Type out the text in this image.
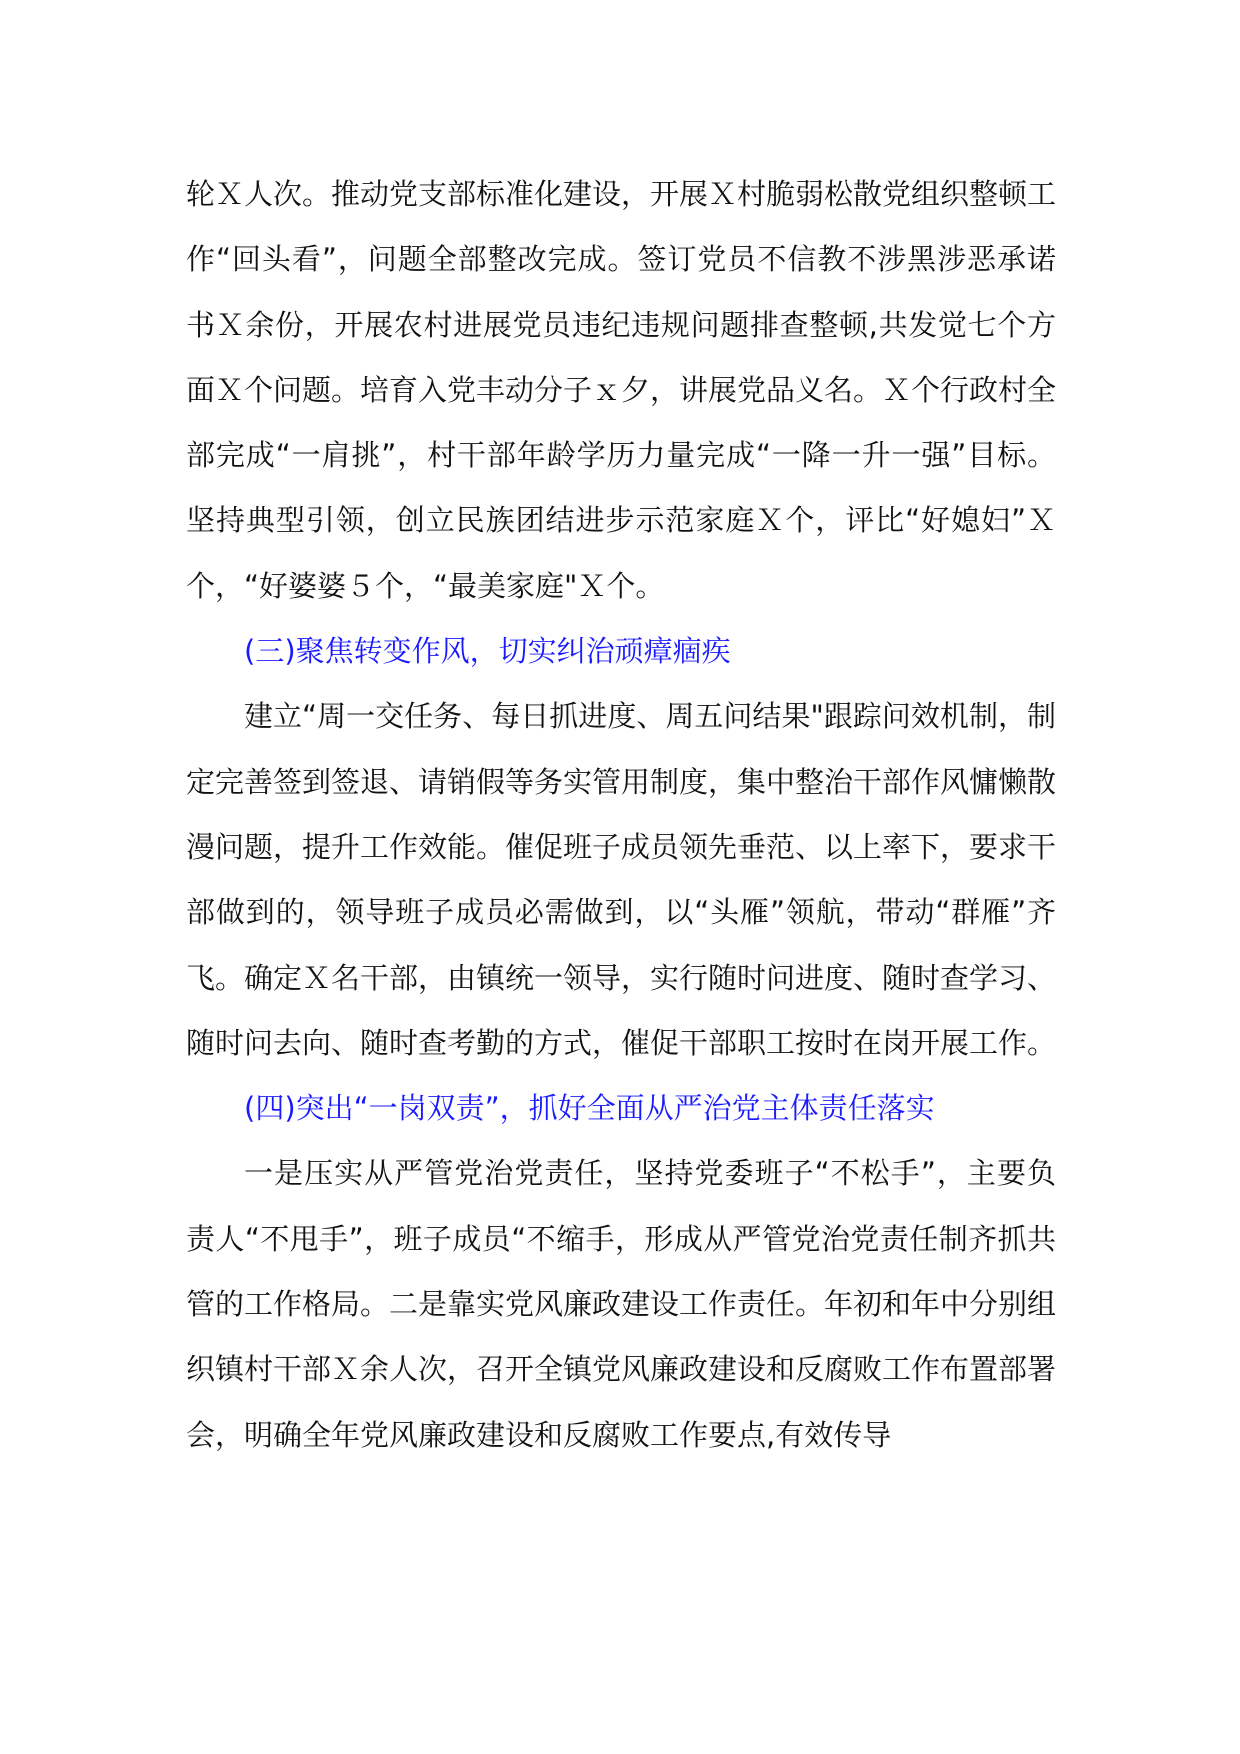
轮Ｘ人次。推动党支部标准化建设，开展Ｘ村脆弱松散党组织整顿工作“回头看”，问题全部整改完成。签订党员不信教不涉黑涉恶承诺书Ｘ余份，开展农村进展党员违纪违规问题排查整顿,共发觉七个方面Ｘ个问题。培育入党丰动分子ｘ夕，讲展党品义名。Ｘ个行政村全部完成“一肩挑”，村干部年龄学历力量完成“一降一升一强”目标。坚持典型引领，创立民族团结进步示范家庭Ｘ个，评比“好媳妇”Ｘ个，“好婆婆５个，“最美家庭"Ｘ个。

(三)聚焦转变作风，切实纠治顽瘴痼疾

建立“周一交任务、每日抓进度、周五问结果"跟踪问效机制，制定完善签到签退、请销假等务实管用制度，集中整治干部作风慵懒散漫问题，提升工作效能。催促班子成员领先垂范、以上率下，要求干部做到的，领导班子成员必需做到，以“头雁”领航，带动“群雁”齐飞。确定Ｘ名干部，由镇统一领导，实行随时问进度、随时查学习、随时问去向、随时查考勤的方式，催促干部职工按时在岗开展工作。

(四)突出“一岗双责”，抓好全面从严治党主体责任落实

一是压实从严管党治党责任，坚持党委班子“不松手”，主要负责人“不甩手”，班子成员“不缩手，形成从严管党治党责任制齐抓共管的工作格局。二是靠实党风廉政建设工作责任。年初和年中分别组织镇村干部Ｘ余人次，召开全镇党风廉政建设和反腐败工作布置部署会，明确全年党风廉政建设和反腐败工作要点,有效传导
